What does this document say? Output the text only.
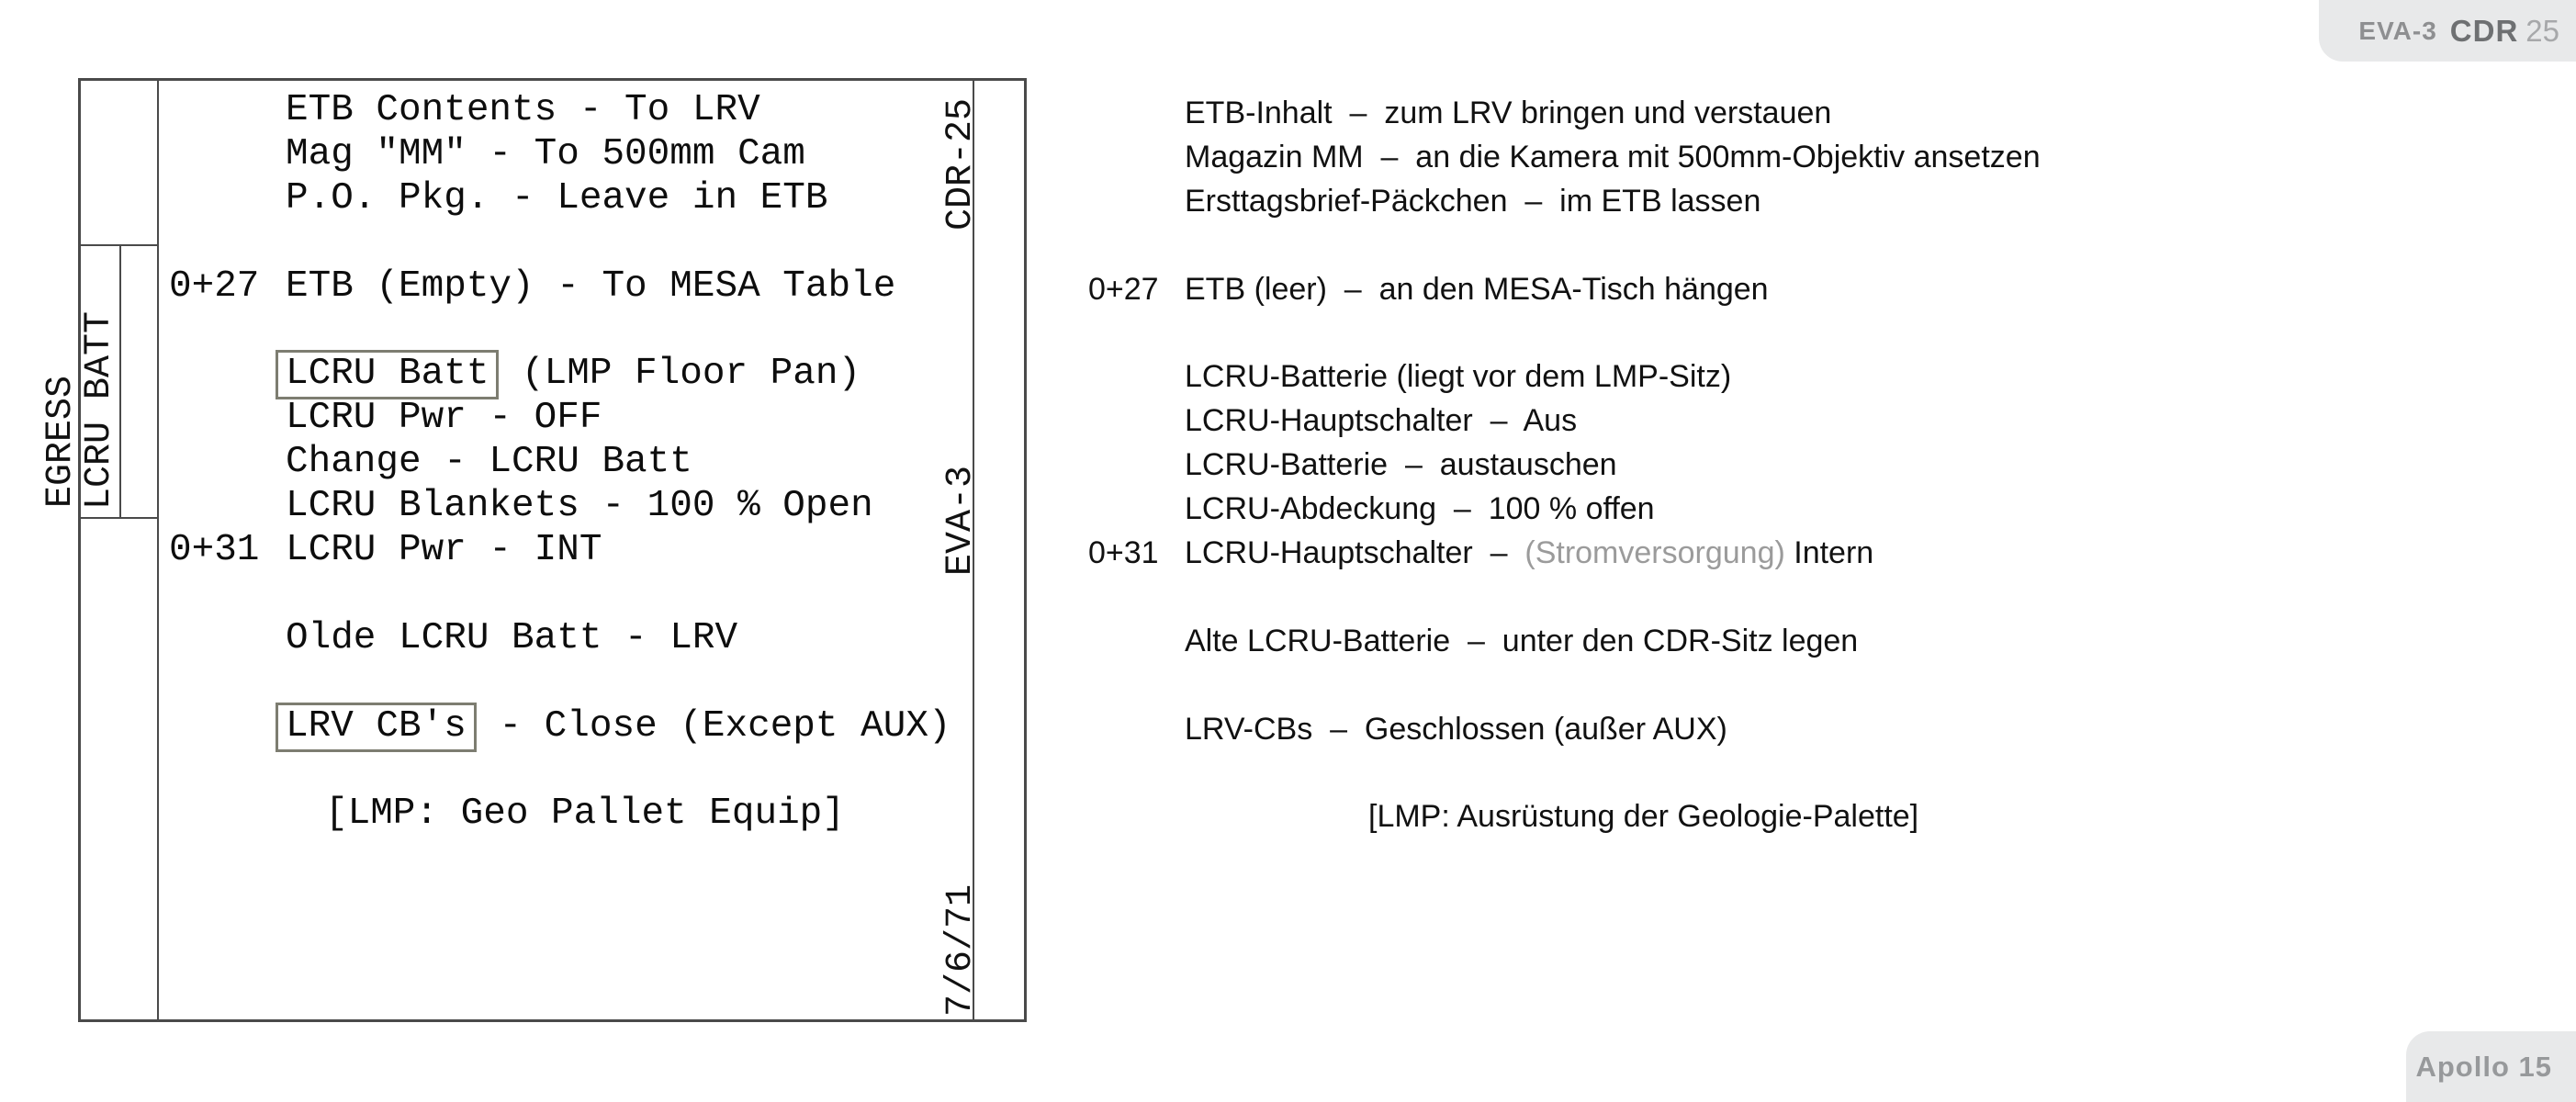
EVA-3 CDR 25
EGRESS
LCRU BATT
CDR-25
EVA-3
7/6/71
ETB Contents - To LRV
Mag "MM" - To 500mm Cam
P.O. Pkg. - Leave in ETB
0+27 ETB (Empty) - To MESA Table
LCRU Batt (LMP Floor Pan)
LCRU Pwr - OFF
Change - LCRU Batt
LCRU Blankets - 100 % Open
0+31 LCRU Pwr - INT
Olde LCRU Batt - LRV
LRV CB's - Close (Except AUX)
[LMP: Geo Pallet Equip]
ETB-Inhalt  –  zum LRV bringen und verstauen
Magazin MM  –  an die Kamera mit 500mm-Objektiv ansetzen
Ersttagsbrief-Päckchen  –  im ETB lassen
0+27 ETB (leer)  –  an den MESA-Tisch hängen
LCRU-Batterie (liegt vor dem LMP-Sitz)
LCRU-Hauptschalter  –  Aus
LCRU-Batterie  –  austauschen
LCRU-Abdeckung  –  100 % offen
0+31 LCRU-Hauptschalter  –  (Stromversorgung) Intern
Alte LCRU-Batterie  –  unter den CDR-Sitz legen
LRV-CBs  –  Geschlossen (außer AUX)
[LMP: Ausrüstung der Geologie-Palette]
Apollo 15
